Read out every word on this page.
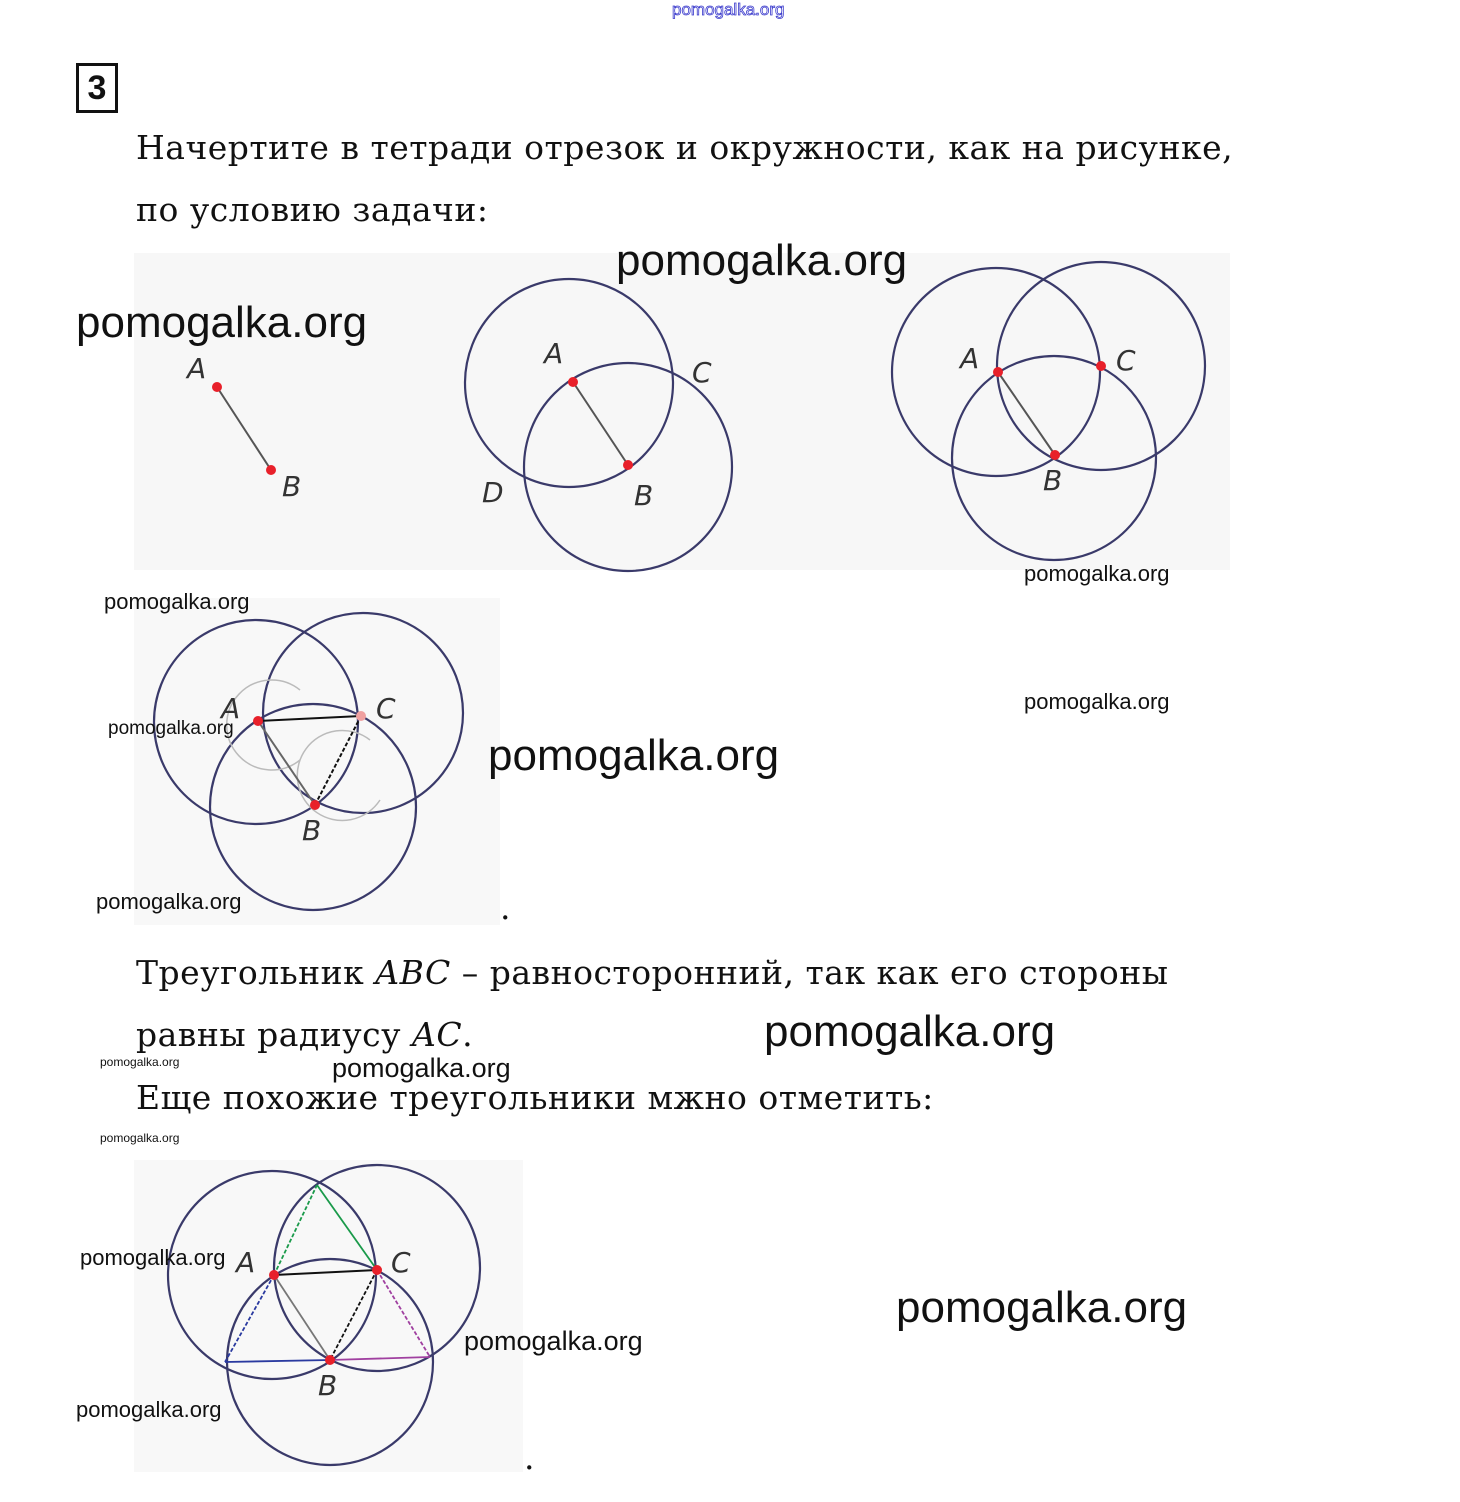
pomogalka.org
3
Начертите в тетради отрезок и окружности, как на рисунке,
по условию задачи:
A
B
A
C
D	B
A	C
B
A	C
B
.
Треугольник ABC – равносторонний, так как его стороны
равны радиусу AC.
Еще похожие треугольники мжно отметить:
A	C
B
.
pomogalka.org
pomogalka.org
pomogalka.org
pomogalka.org
pomogalka.org
pomogalka.org
pomogalka.org
pomogalka.org
pomogalka.org
pomogalka.org	pomogalka.org
pomogalka.org
pomogalka.org
pomogalka.org
pomogalka.org
pomogalka.org
